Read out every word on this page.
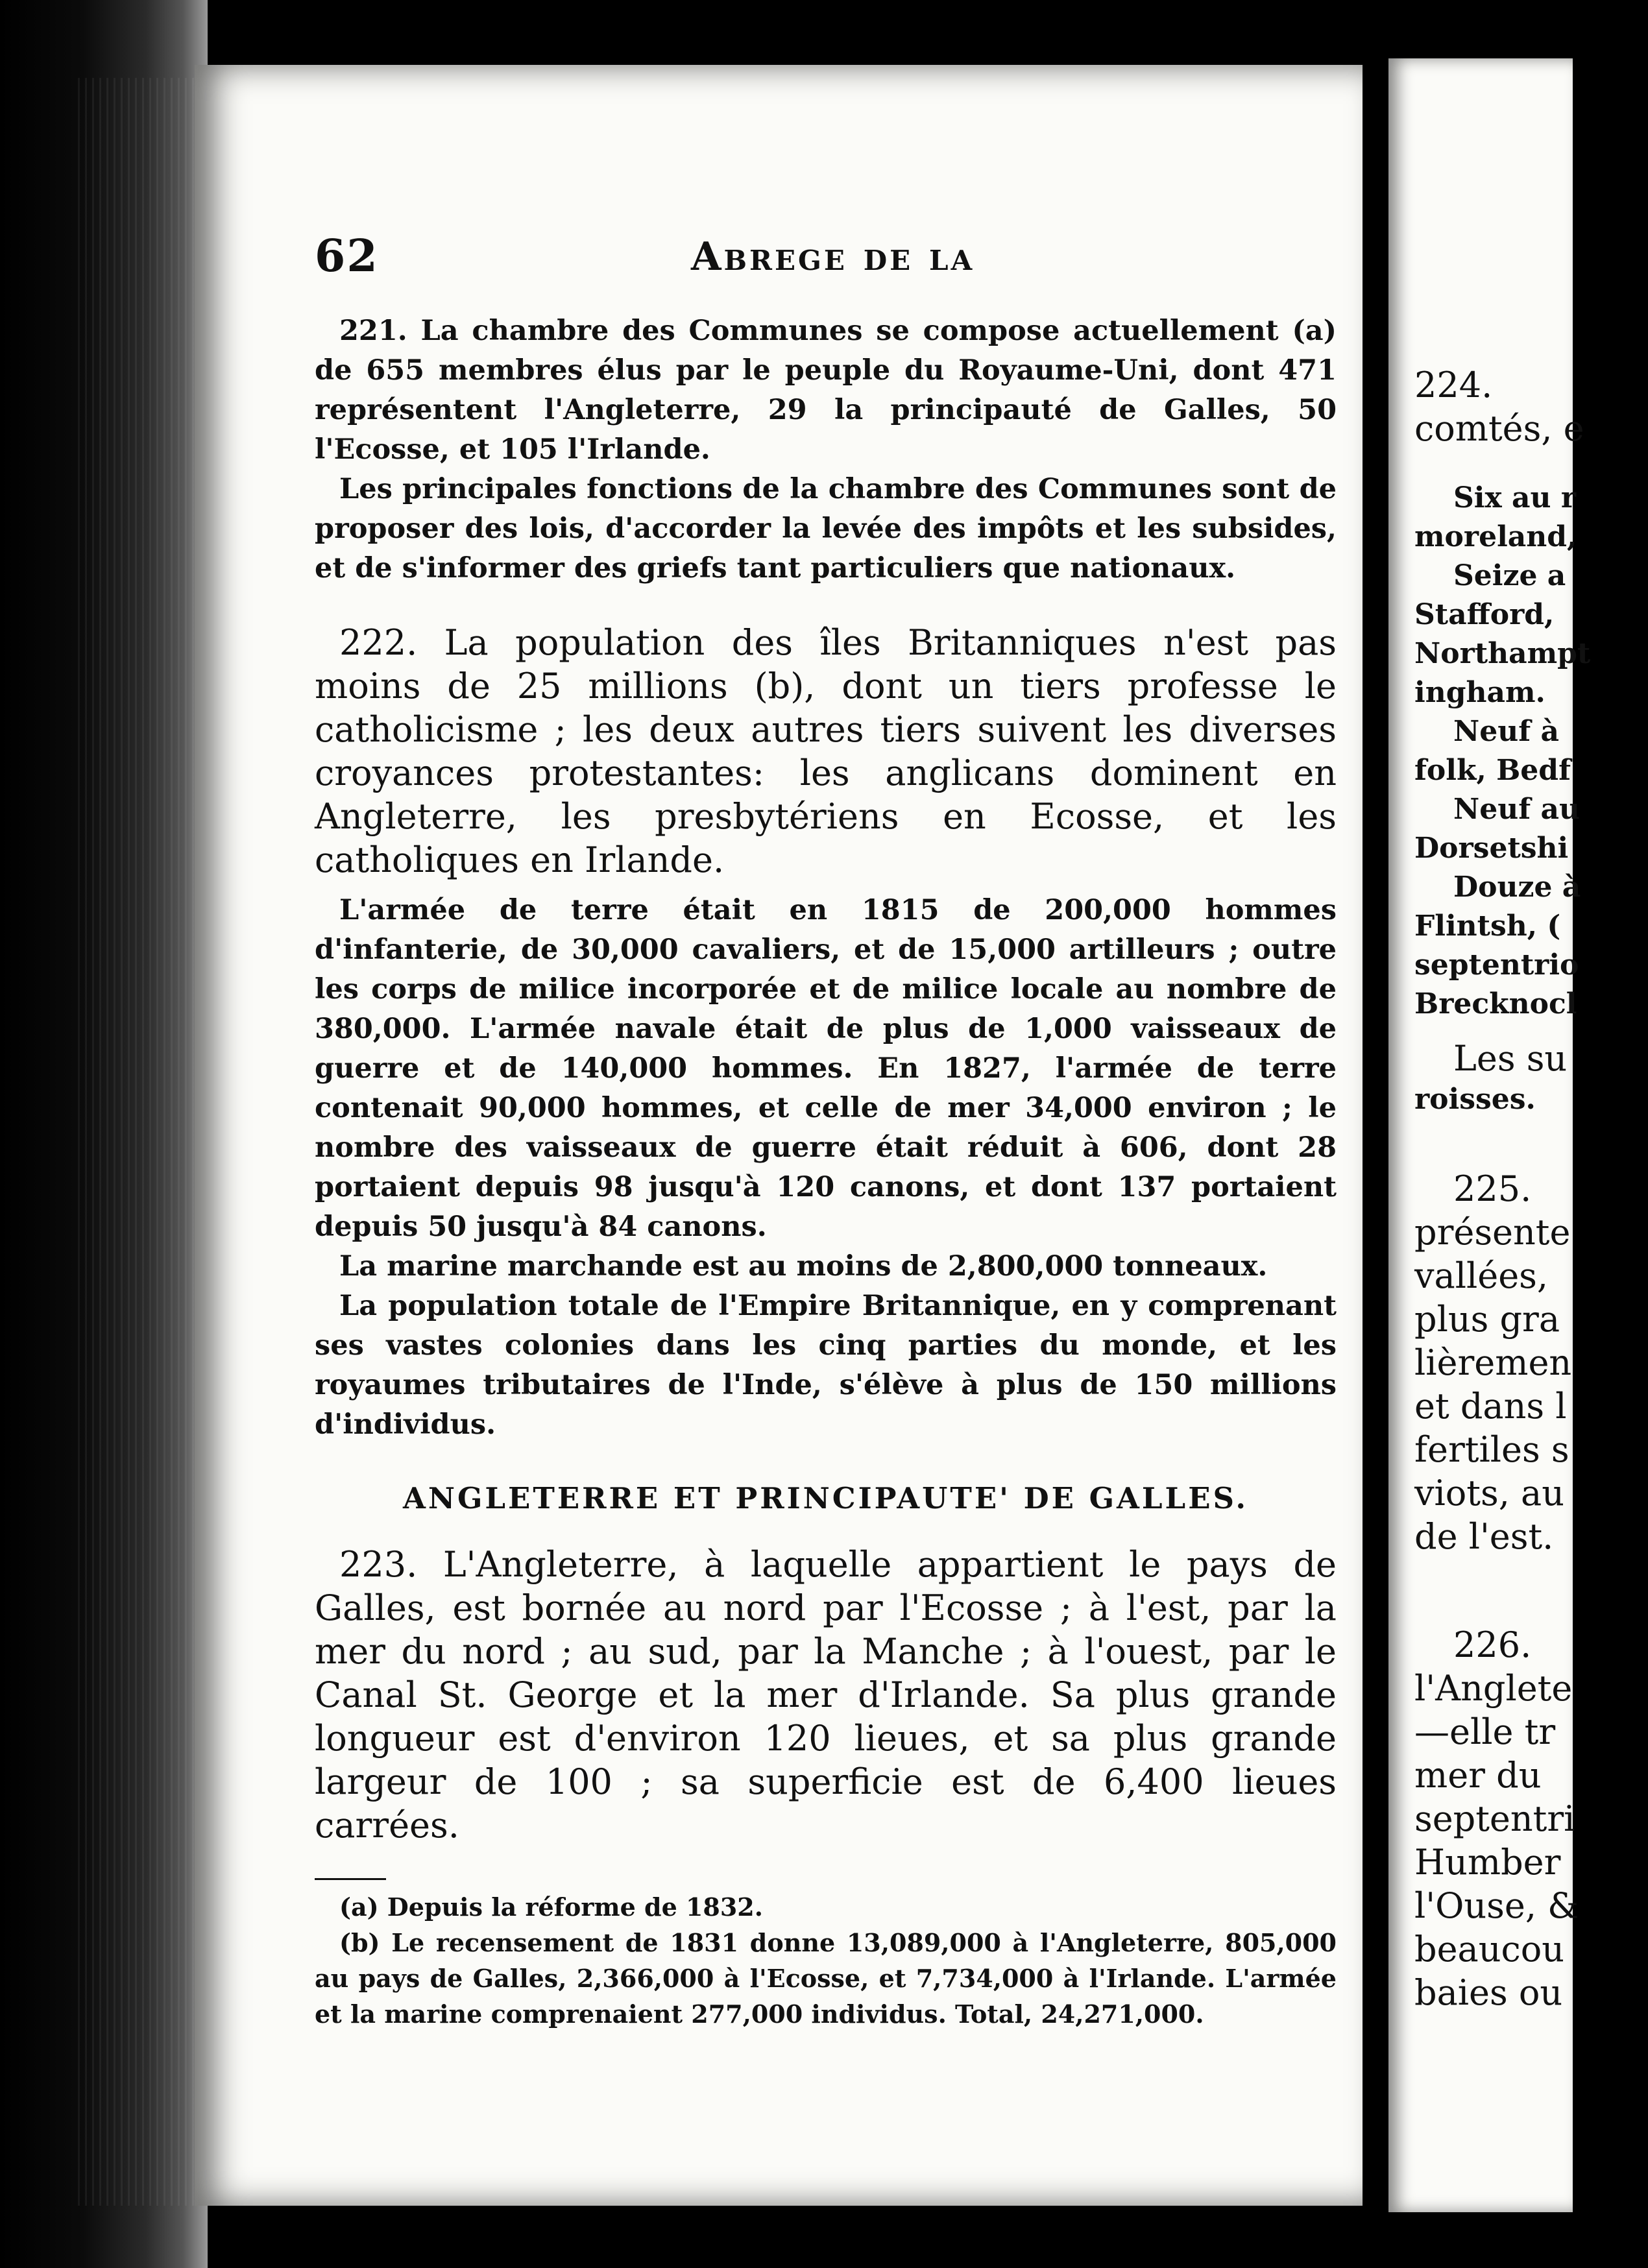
62	Abrege de la

221. La chambre des Communes se compose actuellement (a) de 655 membres élus par le peuple du Royaume-Uni, dont 471 représentent l'Angleterre, 29 la principauté de Galles, 50 l'Ecosse, et 105 l'Irlande.

Les principales fonctions de la chambre des Communes sont de proposer des lois, d'accorder la levée des impôts et les subsides, et de s'informer des griefs tant particuliers que nationaux.

222. La population des îles Britanniques n'est pas moins de 25 millions (b), dont un tiers professe le catholicisme ; les deux autres tiers suivent les diverses croyances protestantes: les anglicans dominent en Angleterre, les presbytériens en Ecosse, et les catholiques en Irlande.

L'armée de terre était en 1815 de 200,000 hommes d'infanterie, de 30,000 cavaliers, et de 15,000 artilleurs ; outre les corps de milice incorporée et de milice locale au nombre de 380,000. L'armée navale était de plus de 1,000 vaisseaux de guerre et de 140,000 hommes. En 1827, l'armée de terre contenait 90,000 hommes, et celle de mer 34,000 environ ; le nombre des vaisseaux de guerre était réduit à 606, dont 28 portaient depuis 98 jusqu'à 120 canons, et dont 137 portaient depuis 50 jusqu'à 84 canons.

La marine marchande est au moins de 2,800,000 tonneaux.

La population totale de l'Empire Britannique, en y comprenant ses vastes colonies dans les cinq parties du monde, et les royaumes tributaires de l'Inde, s'élève à plus de 150 millions d'individus.

ANGLETERRE ET PRINCIPAUTE' DE GALLES.

223. L'Angleterre, à laquelle appartient le pays de Galles, est bornée au nord par l'Ecosse ; à l'est, par la mer du nord ; au sud, par la Manche ; à l'ouest, par le Canal St. George et la mer d'Irlande. Sa plus grande longueur est d'environ 120 lieues, et sa plus grande largeur de 100 ; sa superficie est de 6,400 lieues carrées.

(a) Depuis la réforme de 1832.

(b) Le recensement de 1831 donne 13,089,000 à l'Angleterre, 805,000 au pays de Galles, 2,366,000 à l'Ecosse, et 7,734,000 à l'Irlande. L'armée et la marine comprenaient 277,000 individus. Total, 24,271,000.

224.
comtés, e
Six au r
moreland,
Seize a
Stafford,
Northampt
ingham.
Neuf à
folk, Bedf
Neuf au
Dorsetshi
Douze à
Flintsh, (
septentrio
Brecknocl
Les su
roisses.
225.
présente
vallées,
plus gra
lièremen
et dans l
fertiles s
viots, au
de l'est.
226.
l'Anglete
—elle tr
mer du
septentri
Humber
l'Ouse, &
beaucou
baies ou
